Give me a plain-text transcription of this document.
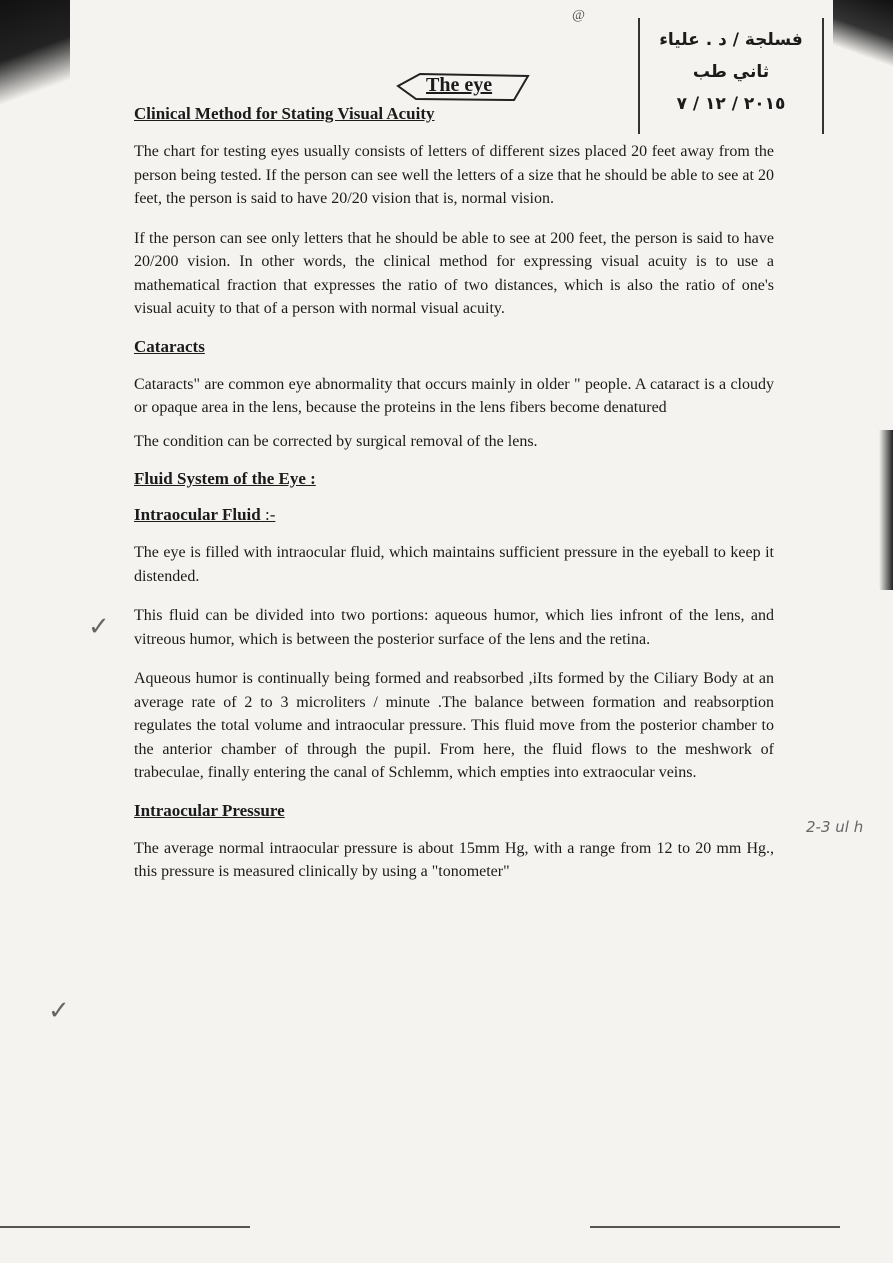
@
فسلجة / د . علياء
ثاني طب
٢٠١٥ / ١٢ / ٧
The eye
Clinical Method for Stating Visual Acuity

The chart for testing eyes usually consists of letters of different sizes placed 20 feet away from the person being tested. If the person can see well the letters of a size that he should be able to see at 20 feet, the person is said to have 20/20 vision that is, normal vision.

If the person can see only letters that he should be able to see at 200 feet, the person is said to have 20/200 vision. In other words, the clinical method for expressing visual acuity is to use a mathematical fraction that expresses the ratio of two distances, which is also the ratio of one's visual acuity to that of a person with normal visual acuity.

Cataracts

Cataracts" are common eye abnormality that occurs mainly in older " people. A cataract is a cloudy or opaque area in the lens, because the proteins in the lens fibers become denatured

The condition can be corrected by surgical removal of the lens.

Fluid System of the Eye :
Intraocular Fluid :-

The eye is filled with intraocular fluid, which maintains sufficient pressure in the eyeball to keep it distended.

This fluid can be divided into two portions: aqueous humor, which lies infront of the lens, and vitreous humor, which is between the posterior surface of the lens and the retina.

Aqueous humor is continually being formed and reabsorbed ,iIts formed by the Ciliary Body at an average rate of 2 to 3 microliters / minute .The balance between formation and reabsorption regulates the total volume and intraocular pressure. This fluid move from the posterior chamber to the anterior chamber of through the pupil. From here, the fluid flows to the meshwork of trabeculae, finally entering the canal of Schlemm, which empties into extraocular veins.

Intraocular Pressure

The average normal intraocular pressure is about 15mm Hg, with a range from 12 to 20 mm Hg., this pressure is measured clinically by using a "tonometer"

2-3 ul h
✓
✓
